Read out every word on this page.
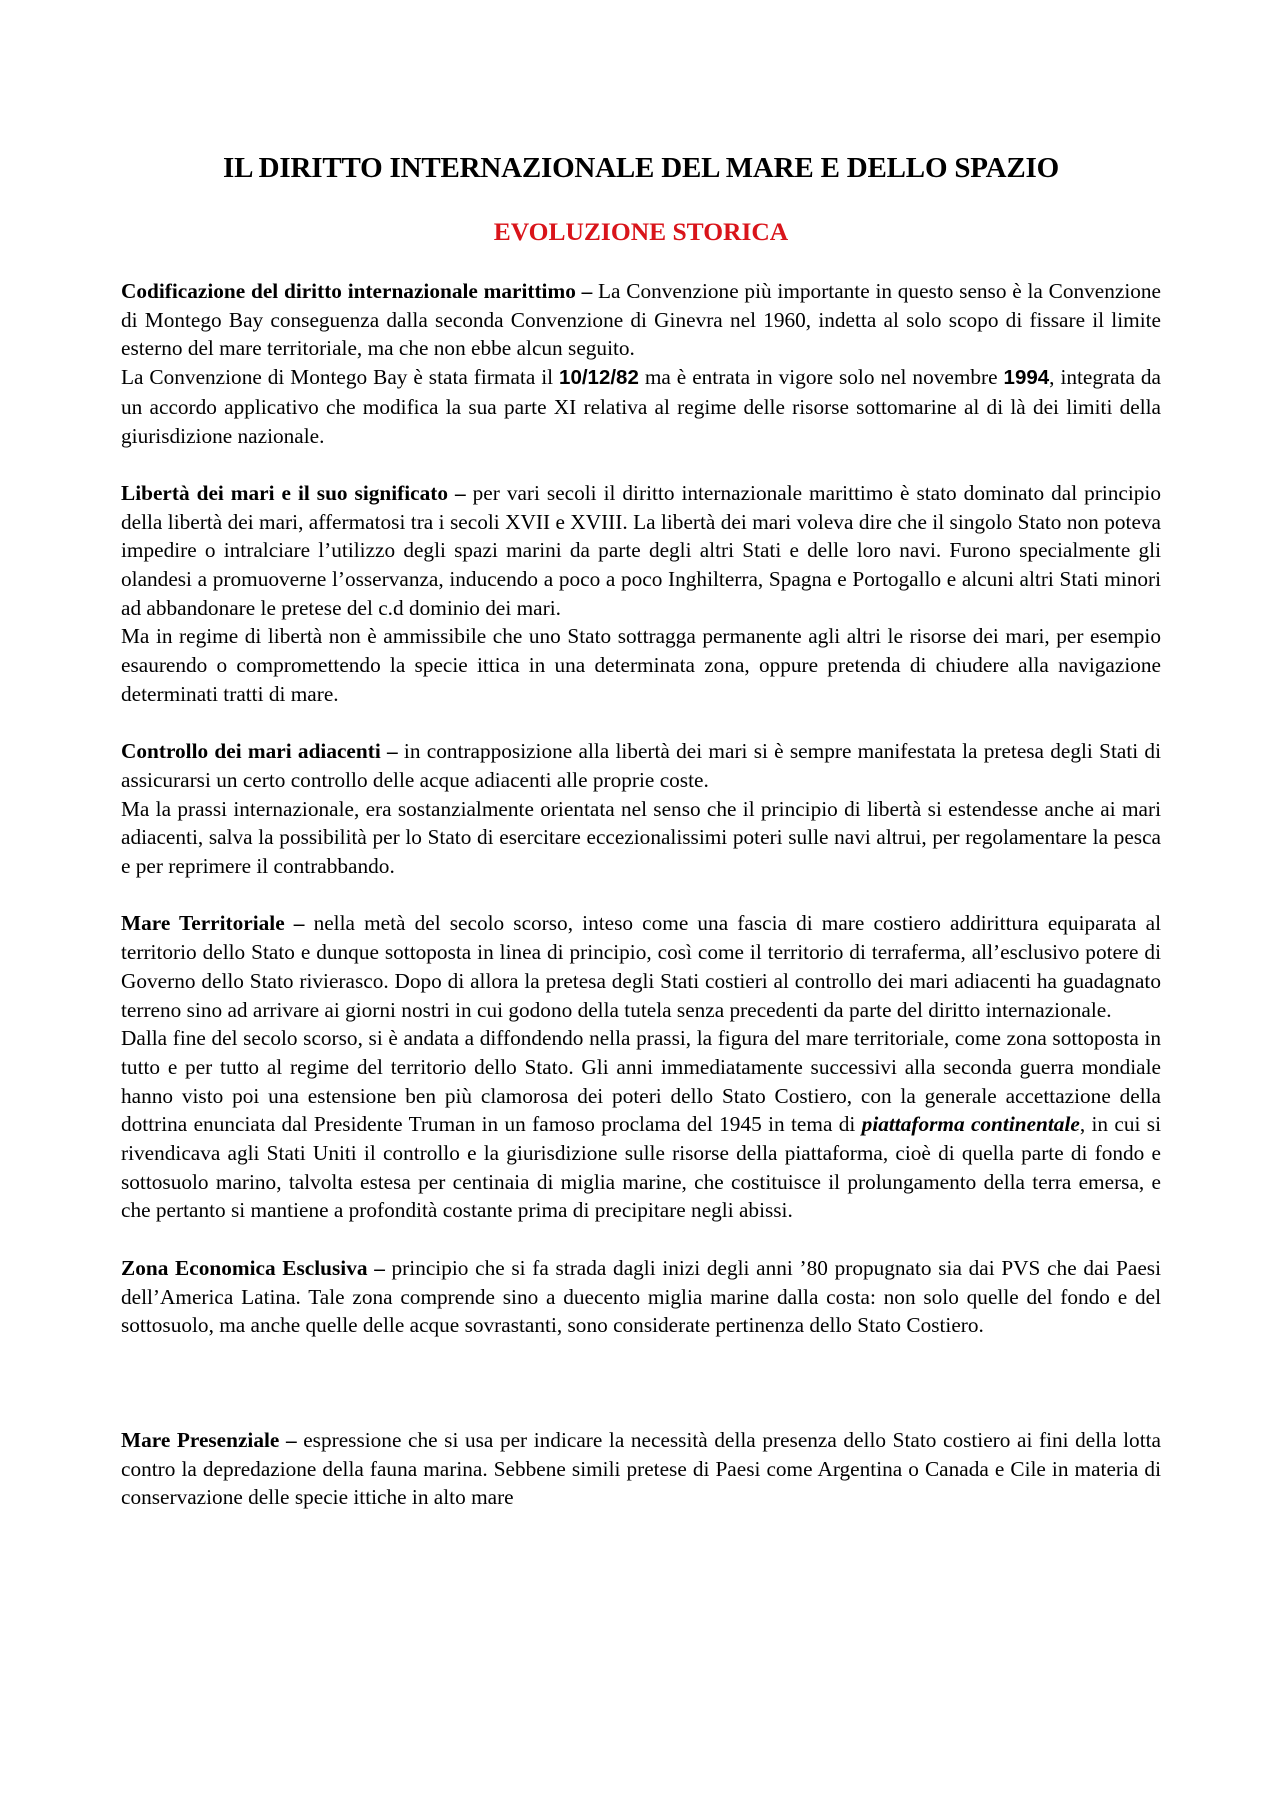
IL DIRITTO INTERNAZIONALE DEL MARE E DELLO SPAZIO
EVOLUZIONE STORICA

Codificazione del diritto internazionale marittimo – La Convenzione più importante in questo senso è la Convenzione di Montego Bay conseguenza dalla seconda Convenzione di Ginevra nel 1960, indetta al solo scopo di fissare il limite esterno del mare territoriale, ma che non ebbe alcun seguito.

La Convenzione di Montego Bay è stata firmata il 10/12/82 ma è entrata in vigore solo nel novembre 1994, integrata da un accordo applicativo che modifica la sua parte XI relativa al regime delle risorse sottomarine al di là dei limiti della giurisdizione nazionale.

Libertà dei mari e il suo significato – per vari secoli il diritto internazionale marittimo è stato dominato dal principio della libertà dei mari, affermatosi tra i secoli XVII e XVIII. La libertà dei mari voleva dire che il singolo Stato non poteva impedire o intralciare l’utilizzo degli spazi marini da parte degli altri Stati e delle loro navi. Furono specialmente gli olandesi a promuoverne l’osservanza, inducendo a poco a poco Inghilterra, Spagna e Portogallo e alcuni altri Stati minori ad abbandonare le pretese del c.d dominio dei mari.

Ma in regime di libertà non è ammissibile che uno Stato sottragga permanente agli altri le risorse dei mari, per esempio esaurendo o compromettendo la specie ittica in una determinata zona, oppure pretenda di chiudere alla navigazione determinati tratti di mare.

Controllo dei mari adiacenti – in contrapposizione alla libertà dei mari si è sempre manifestata la pretesa degli Stati di assicurarsi un certo controllo delle acque adiacenti alle proprie coste.

Ma la prassi internazionale, era sostanzialmente orientata nel senso che il principio di libertà si estendesse anche ai mari adiacenti, salva la possibilità per lo Stato di esercitare eccezionalissimi poteri sulle navi altrui, per regolamentare la pesca e per reprimere il contrabbando.

Mare Territoriale – nella metà del secolo scorso, inteso come una fascia di mare costiero addirittura equiparata al territorio dello Stato e dunque sottoposta in linea di principio, così come il territorio di terraferma, all’esclusivo potere di Governo dello Stato rivierasco. Dopo di allora la pretesa degli Stati costieri al controllo dei mari adiacenti ha guadagnato terreno sino ad arrivare ai giorni nostri in cui godono della tutela senza precedenti da parte del diritto internazionale.

Dalla fine del secolo scorso, si è andata a diffondendo nella prassi, la figura del mare territoriale, come zona sottoposta in tutto e per tutto al regime del territorio dello Stato. Gli anni immediatamente successivi alla seconda guerra mondiale hanno visto poi una estensione ben più clamorosa dei poteri dello Stato Costiero, con la generale accettazione della dottrina enunciata dal Presidente Truman in un famoso proclama del 1945 in tema di piattaforma continentale, in cui si rivendicava agli Stati Uniti il controllo e la giurisdizione sulle risorse della piattaforma, cioè di quella parte di fondo e sottosuolo marino, talvolta estesa per centinaia di miglia marine, che costituisce il prolungamento della terra emersa, e che pertanto si mantiene a profondità costante prima di precipitare negli abissi.

Zona Economica Esclusiva – principio che si fa strada dagli inizi degli anni ’80 propugnato sia dai PVS che dai Paesi dell’America Latina. Tale zona comprende sino a duecento miglia marine dalla costa: non solo quelle del fondo e del sottosuolo, ma anche quelle delle acque sovrastanti, sono considerate pertinenza dello Stato Costiero.

Mare Presenziale – espressione che si usa per indicare la necessità della presenza dello Stato costiero ai fini della lotta contro la depredazione della fauna marina. Sebbene simili pretese di Paesi come Argentina o Canada e Cile in materia di conservazione delle specie ittiche in alto mare
